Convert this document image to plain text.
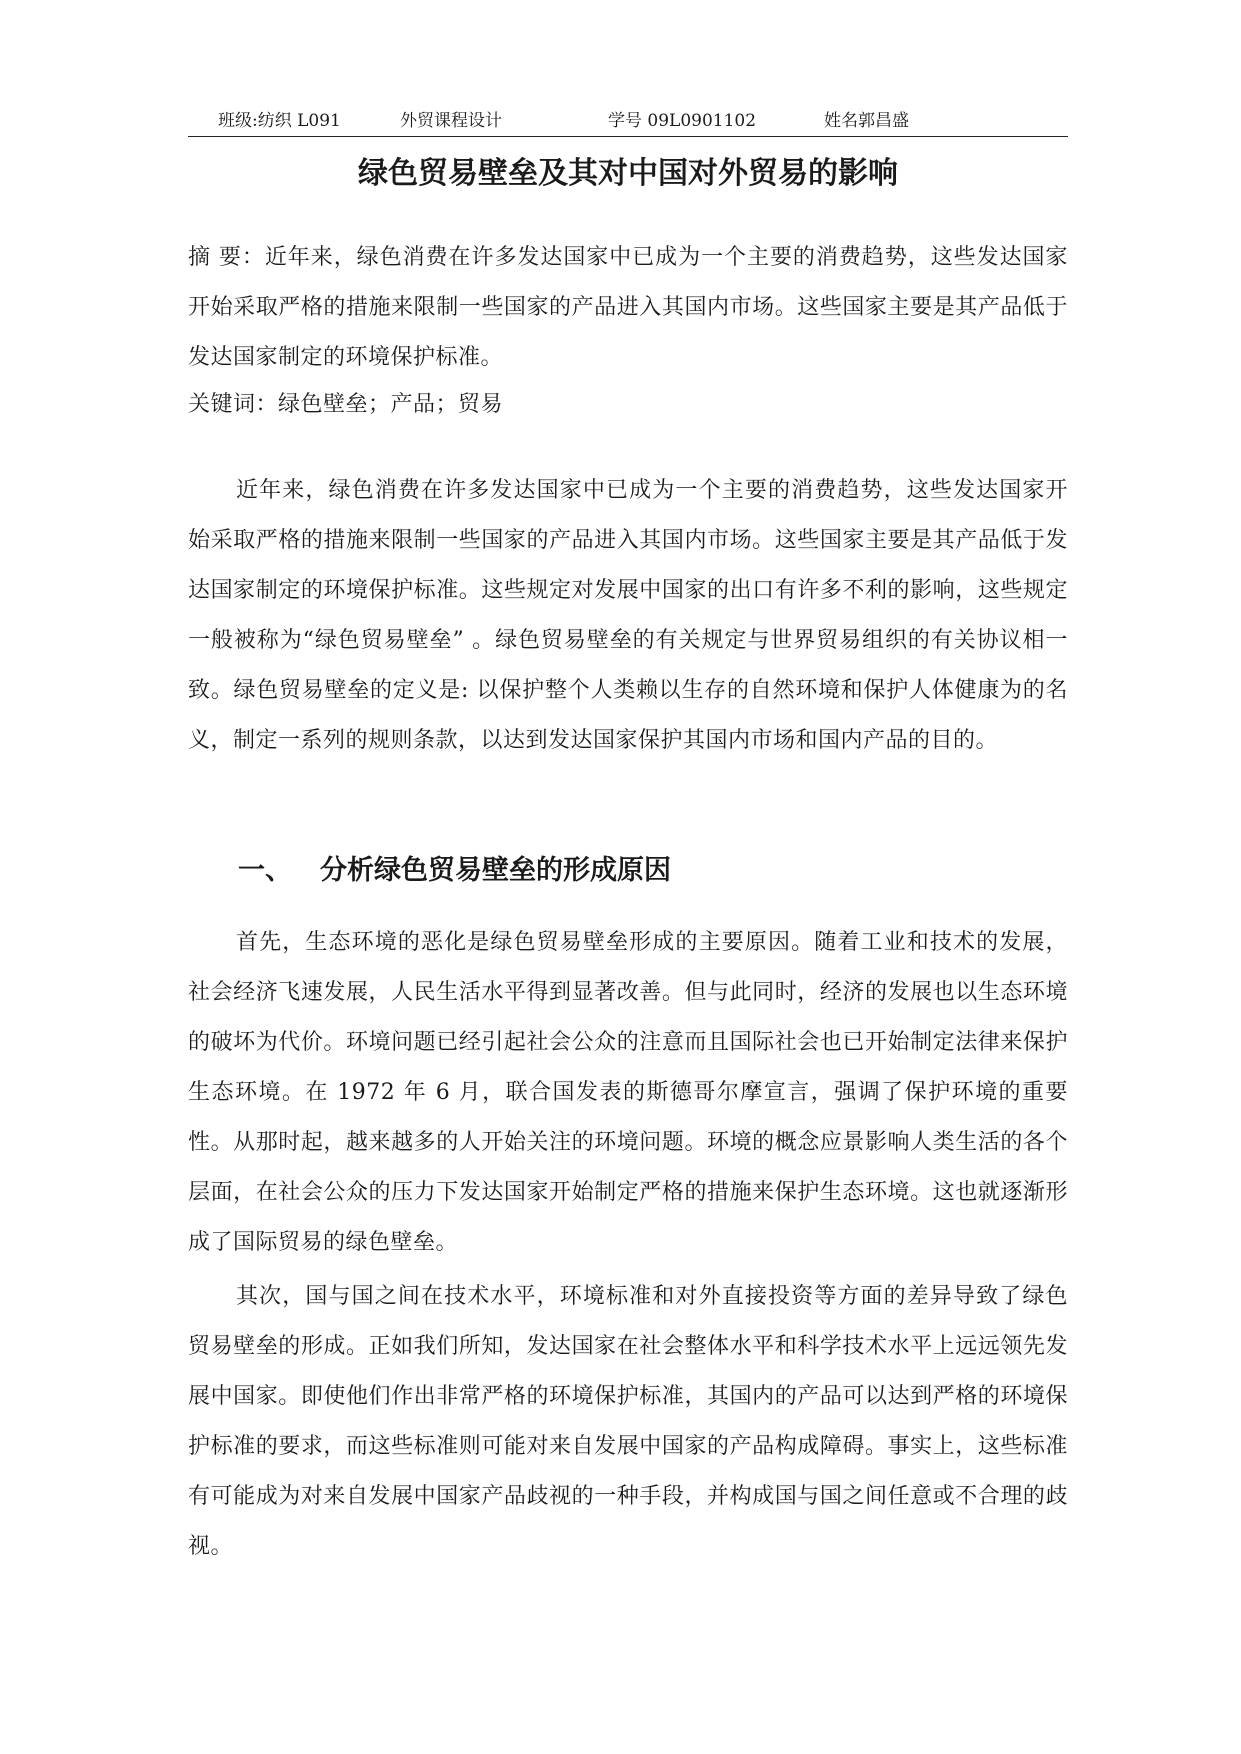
班级:纺织 L091	外贸课程设计	学号 09L0901102	姓名郭昌盛
绿色贸易壁垒及其对中国对外贸易的影响

摘 要：近年来，绿色消费在许多发达国家中已成为一个主要的消费趋势，这些发达国家开始采取严格的措施来限制一些国家的产品进入其国内市场。这些国家主要是其产品低于发达国家制定的环境保护标准。

关键词：绿色壁垒；产品；贸易

近年来，绿色消费在许多发达国家中已成为一个主要的消费趋势，这些发达国家开始采取严格的措施来限制一些国家的产品进入其国内市场。这些国家主要是其产品低于发达国家制定的环境保护标准。这些规定对发展中国家的出口有许多不利的影响，这些规定一般被称为“绿色贸易壁垒” 。绿色贸易壁垒的有关规定与世界贸易组织的有关协议相一致。绿色贸易壁垒的定义是: 以保护整个人类赖以生存的自然环境和保护人体健康为的名义，制定一系列的规则条款，以达到发达国家保护其国内市场和国内产品的目的。

一、 分析绿色贸易壁垒的形成原因

首先，生态环境的恶化是绿色贸易壁垒形成的主要原因。随着工业和技术的发展，社会经济飞速发展，人民生活水平得到显著改善。但与此同时，经济的发展也以生态环境的破坏为代价。环境问题已经引起社会公众的注意而且国际社会也已开始制定法律来保护生态环境。在 1972 年 6 月，联合国发表的斯德哥尔摩宣言，强调了保护环境的重要性。从那时起，越来越多的人开始关注的环境问题。环境的概念应景影响人类生活的各个层面，在社会公众的压力下发达国家开始制定严格的措施来保护生态环境。这也就逐渐形成了国际贸易的绿色壁垒。

其次，国与国之间在技术水平，环境标准和对外直接投资等方面的差异导致了绿色贸易壁垒的形成。正如我们所知，发达国家在社会整体水平和科学技术水平上远远领先发展中国家。即使他们作出非常严格的环境保护标准，其国内的产品可以达到严格的环境保护标准的要求，而这些标准则可能对来自发展中国家的产品构成障碍。事实上，这些标准有可能成为对来自发展中国家产品歧视的一种手段，并构成国与国之间任意或不合理的歧视。
